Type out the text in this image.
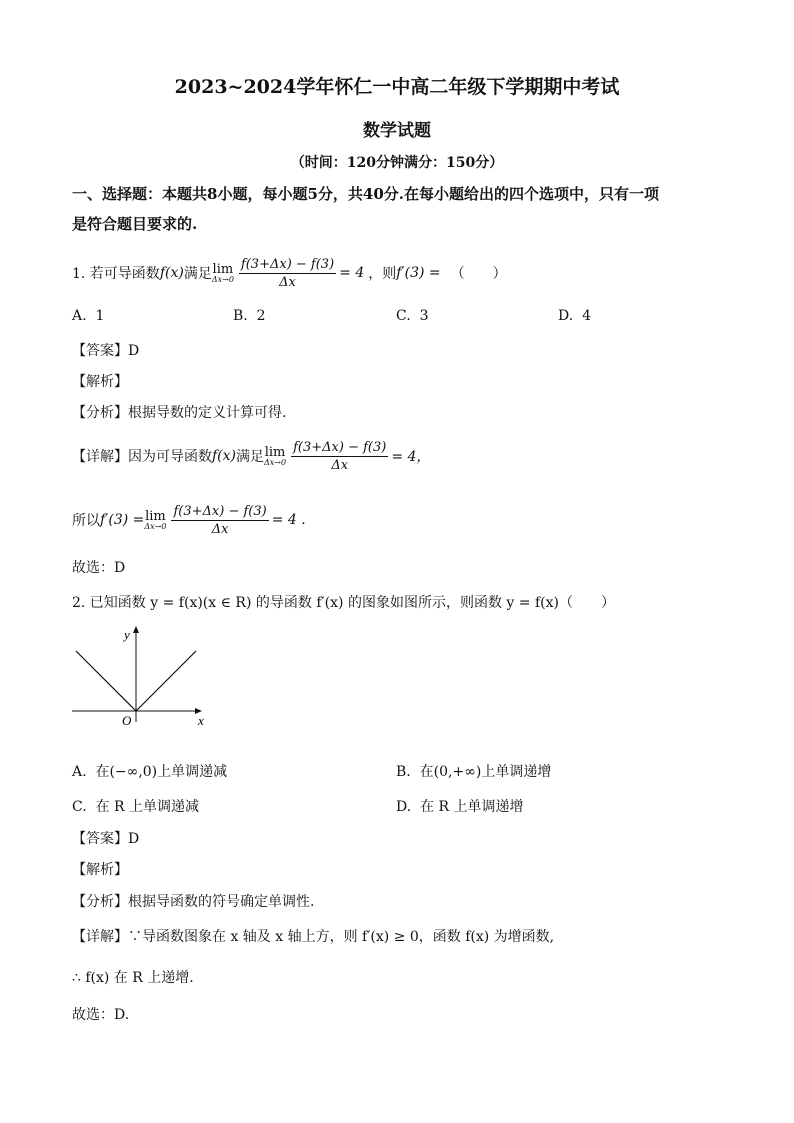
2023~2024学年怀仁一中高二年级下学期期中考试
数学试题
（时间：120分钟满分：150分）
一、选择题：本题共8小题，每小题5分，共40分.在每小题给出的四个选项中，只有一项
是符合题目要求的.
1. 若可导函数 f(x) 满足 lim
$\Delta x\to 0 \frac{f(3+\Delta x) - f(3)}{\Delta x} = 4$ ，则 f′(3) = （　　）
A. 1	B. 2	C. 3	D. 4
【答案】D
【解析】
【分析】根据导数的定义计算可得.
【详解】因为可导函数 f(x) 满足 lim
$\Delta x\to 0 \frac{f(3+\Delta x) - f(3)}{\Delta x} = 4$，
所以 f′(3) = lim
$\Delta x\to 0 \frac{f(3+\Delta x) - f(3)}{\Delta x} = 4$ .
故选：D
2. 已知函数 y = f(x)(x ∈ R) 的导函数 f′(x) 的图象如图所示，则函数 y = f(x)（　　）
y
x
O
A. 在(−∞,0)上单调递减	B. 在(0,+∞)上单调递增
C. 在 R 上单调递减	D. 在 R 上单调递增
【答案】D
【解析】
【分析】根据导函数的符号确定单调性.
【详解】∵导函数图象在 x 轴及 x 轴上方，则 f′(x) ≥ 0，函数 f(x) 为增函数,
∴ f(x) 在 R 上递增.
故选：D.
